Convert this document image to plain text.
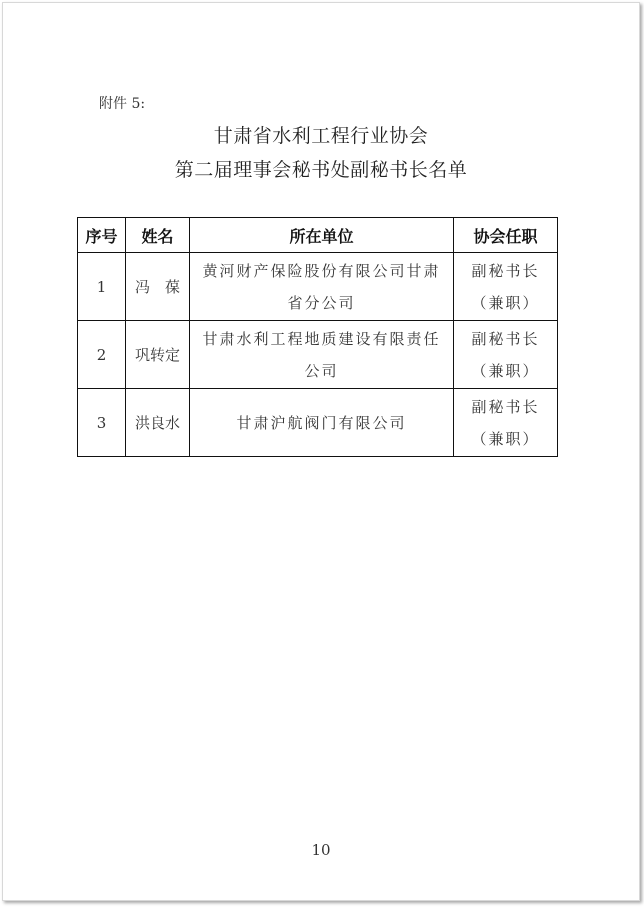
附件 5:
甘肃省水利工程行业协会
第二届理事会秘书处副秘书长名单
序号	姓名	所在单位	协会任职
1	冯　葆	黄河财产保险股份有限公司甘肃
省分公司	副秘书长
（兼职）

2	巩转定	甘肃水利工程地质建设有限责任
公司	副秘书长
（兼职）

3	洪良水	甘肃沪航阀门有限公司	副秘书长
（兼职）
10
